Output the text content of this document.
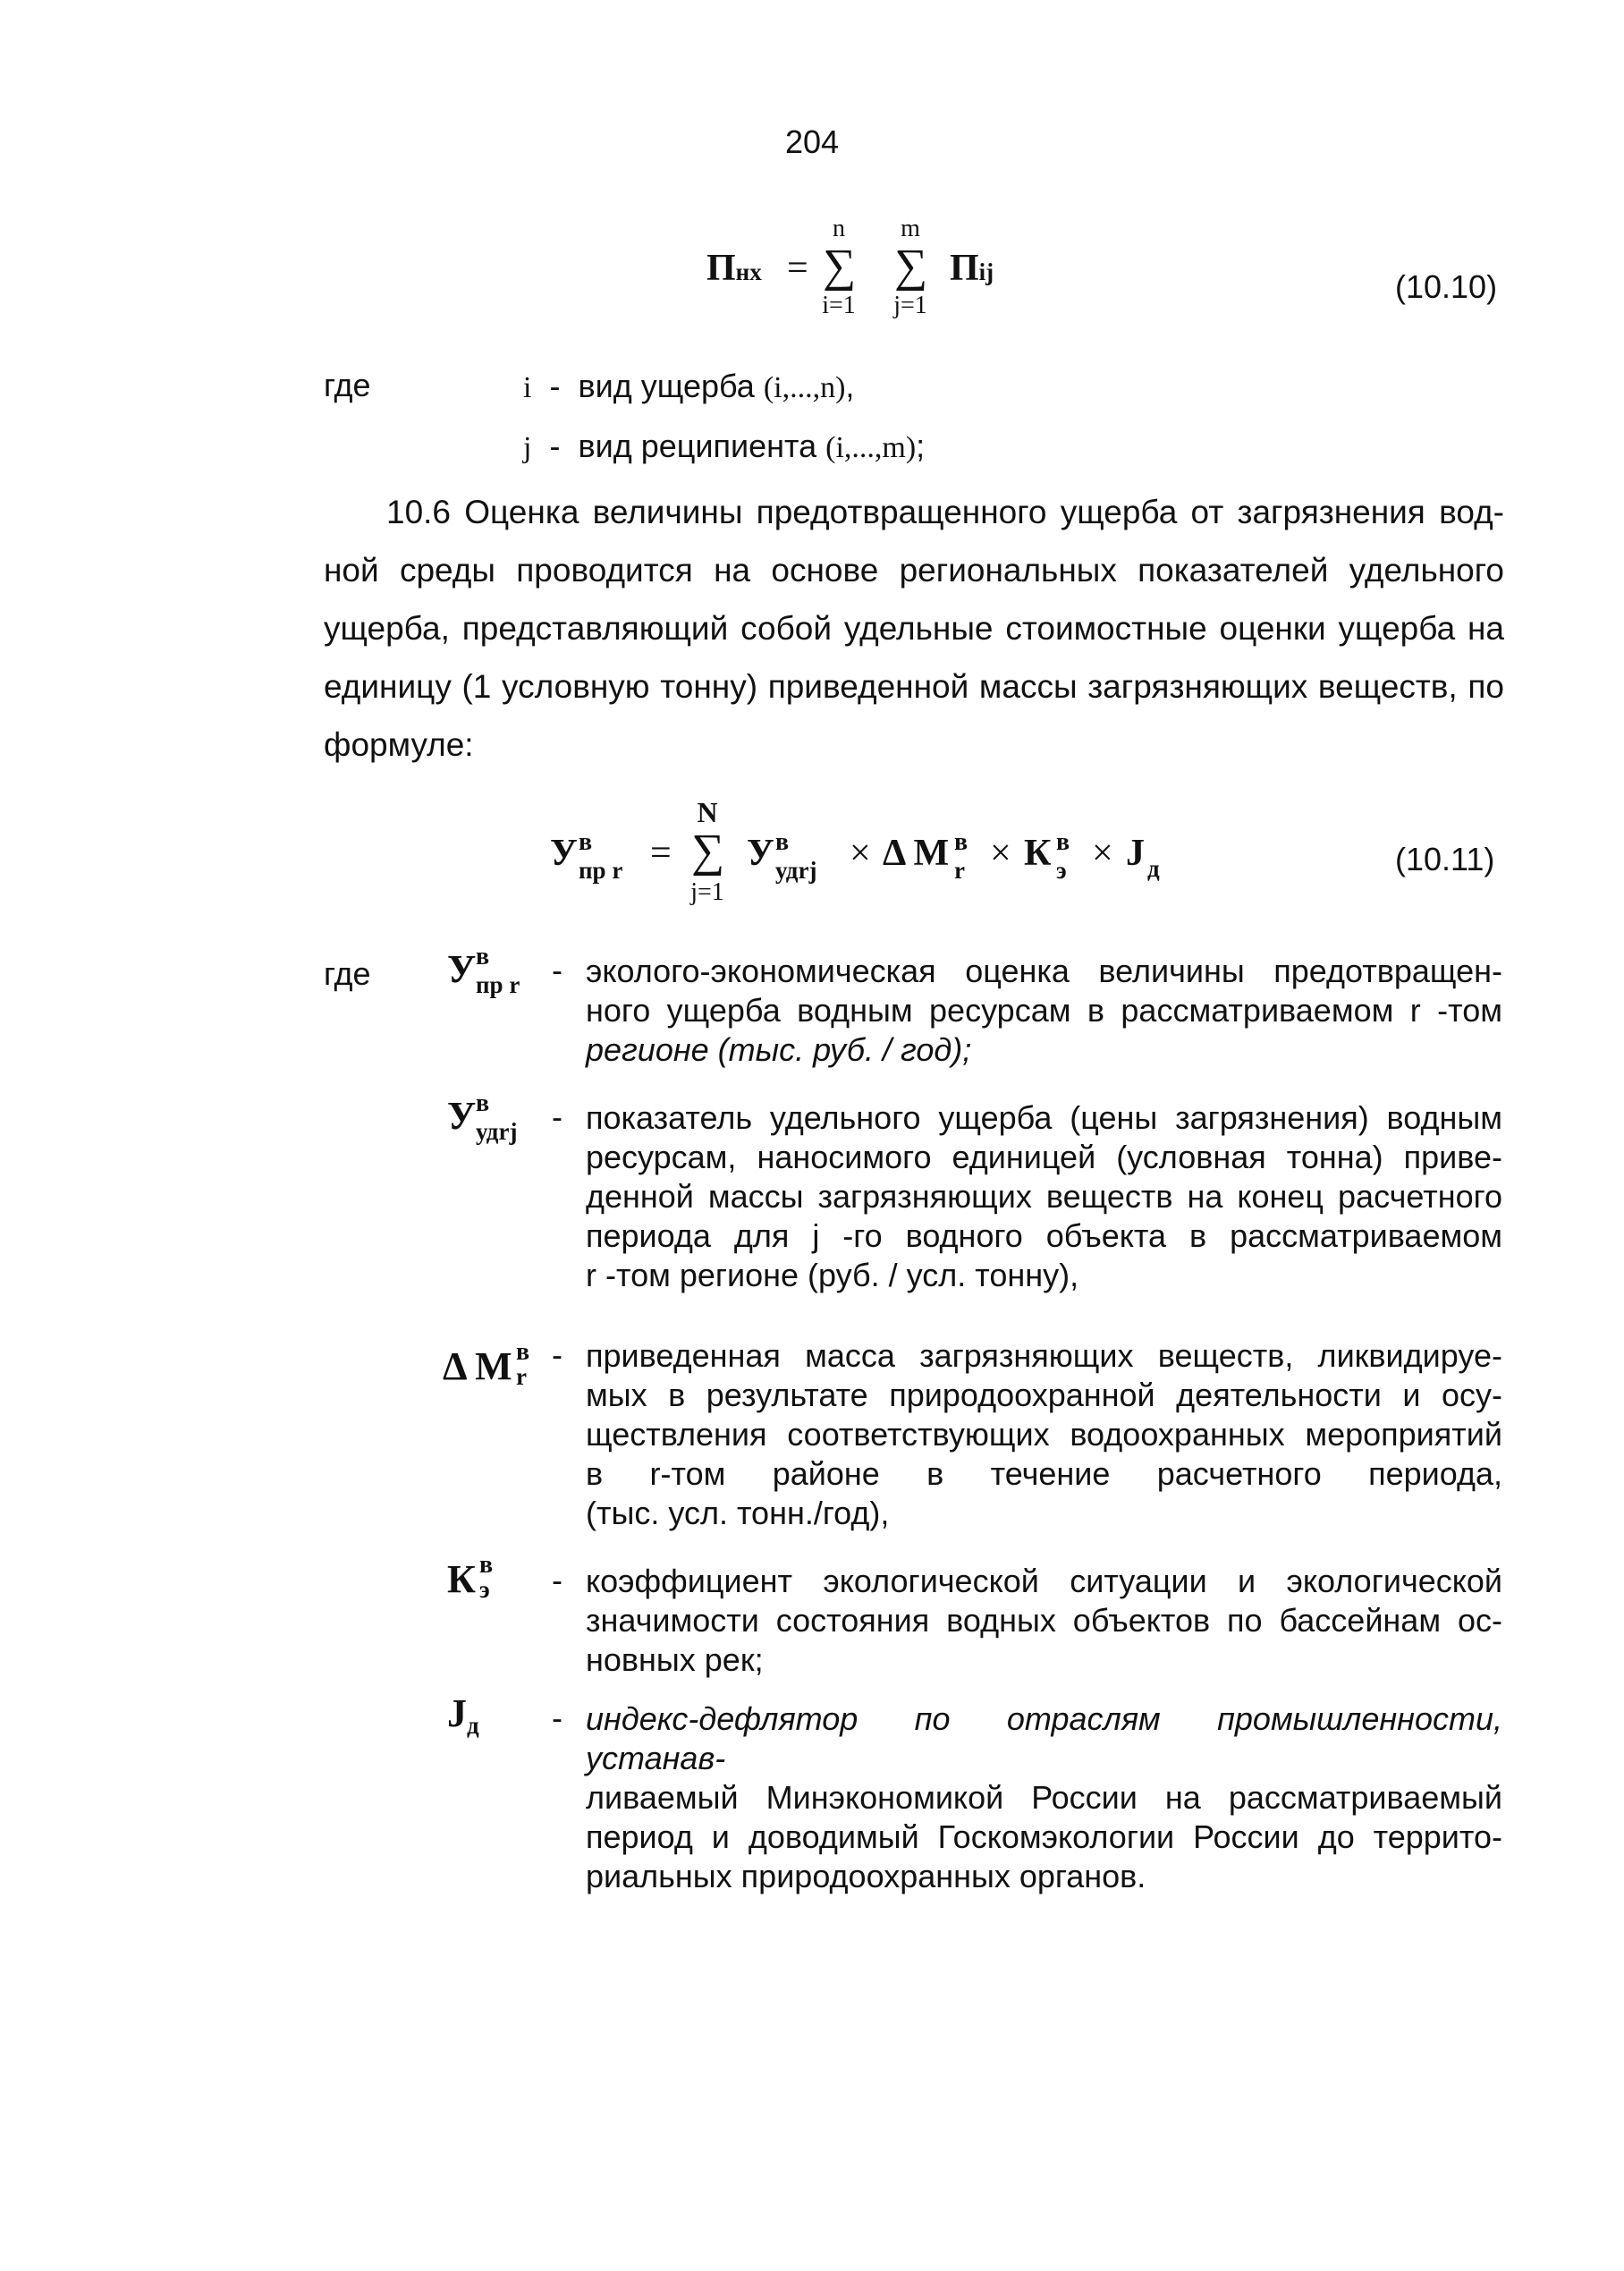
204
Пнх =
n
∑
i=1
m
∑
j=1
Пij	(10.10)
где	i - вид ущерба (i,...,n),
j - вид реципиента (i,...,m);
10.6 Оценка величины предотвращенного ущерба от загрязнения вод-
ной среды проводится на основе региональных показателей удельного
ущерба, представляющий собой удельные стоимостные оценки ущерба на
единицу (1 условную тонну) приведенной массы загрязняющих веществ, по
формуле:
У в
пр r =
N
∑
j=1
У в
удrj × Δ М в
r × К в
э × J д	(10.11)
где У в
пр r - эколого-экономическая оценка величины предотвращен-
ного ущерба водным ресурсам в рассматриваемом r -том
регионе (тыс. руб. / год);
У в
удrj - показатель удельного ущерба (цены загрязнения) водным
ресурсам, наносимого единицей (условная тонна) приве-
денной массы загрязняющих веществ на конец расчетного
периода для j -го водного объекта в рассматриваемом
r -том регионе (руб. / усл. тонну),
Δ М в
r
- приведенная масса загрязняющих веществ, ликвидируе-
мых в результате природоохранной деятельности и осу-
ществления соответствующих водоохранных мероприятий
в r-том районе в течение расчетного периода,
(тыс. усл. тонн./год),
К в
э - коэффициент экологической ситуации и экологической
значимости состояния водных объектов по бассейнам ос-
новных рек;
J д - индекс-дефлятор по отраслям промышленности, устанав-
ливаемый Минэкономикой России на рассматриваемый
период и доводимый Госкомэкологии России до террито-
риальных природоохранных органов.
